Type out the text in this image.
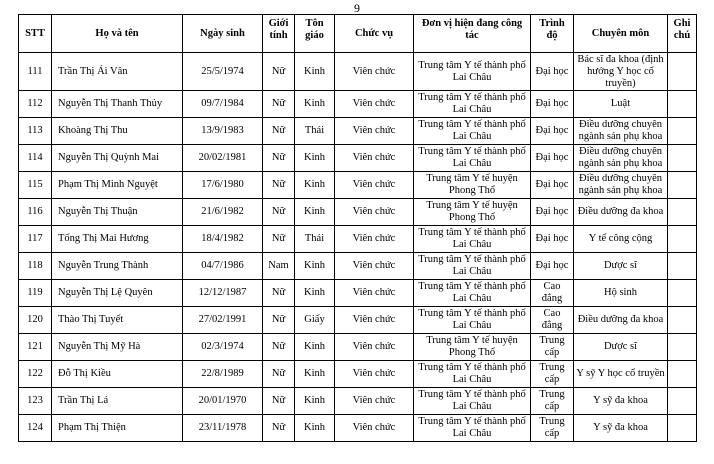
9
STT	Họ và tên	Ngày sinh	Giới tính	Tôn giáo	Chức vụ	Đơn vị hiện đang công tác	Trình độ	Chuyên môn	Ghi chú
111	Trần Thị Ái Vân	25/5/1974	Nữ	Kinh	Viên chức	Trung tâm Y tế thành phố Lai Châu	Đại học	Bác sĩ đa khoa (định hướng Y học cổ truyền)	
112	Nguyễn Thị Thanh Thủy	09/7/1984	Nữ	Kinh	Viên chức	Trung tâm Y tế thành phố Lai Châu	Đại học	Luật	
113	Khoàng Thị Thu	13/9/1983	Nữ	Thái	Viên chức	Trung tâm Y tế thành phố Lai Châu	Đại học	Điều dưỡng chuyên ngành sản phụ khoa	
114	Nguyễn Thị Quỳnh Mai	20/02/1981	Nữ	Kinh	Viên chức	Trung tâm Y tế thành phố Lai Châu	Đại học	Điều dưỡng chuyên ngành sản phụ khoa	
115	Phạm Thị Minh Nguyệt	17/6/1980	Nữ	Kinh	Viên chức	Trung tâm Y tế huyện Phong Thổ	Đại học	Điều dưỡng chuyên ngành sản phụ khoa	
116	Nguyễn Thị Thuận	21/6/1982	Nữ	Kinh	Viên chức	Trung tâm Y tế huyện Phong Thổ	Đại học	Điều dưỡng đa khoa	
117	Tống Thị Mai Hương	18/4/1982	Nữ	Thái	Viên chức	Trung tâm Y tế thành phố Lai Châu	Đại học	Y tế công cộng	
118	Nguyễn Trung Thành	04/7/1986	Nam	Kinh	Viên chức	Trung tâm Y tế thành phố Lai Châu	Đại học	Dược sĩ	
119	Nguyễn Thị Lệ Quyên	12/12/1987	Nữ	Kinh	Viên chức	Trung tâm Y tế thành phố Lai Châu	Cao đẳng	Hộ sinh	
120	Thào Thị Tuyết	27/02/1991	Nữ	Giấy	Viên chức	Trung tâm Y tế thành phố Lai Châu	Cao đẳng	Điều dưỡng đa khoa	
121	Nguyễn Thị Mỹ Hà	02/3/1974	Nữ	Kinh	Viên chức	Trung tâm Y tế huyện Phong Thổ	Trung cấp	Dược sĩ	
122	Đỗ Thị Kiều	22/8/1989	Nữ	Kinh	Viên chức	Trung tâm Y tế thành phố Lai Châu	Trung cấp	Y sỹ Y học cổ truyền	
123	Trần Thị Lá	20/01/1970	Nữ	Kinh	Viên chức	Trung tâm Y tế thành phố Lai Châu	Trung cấp	Y sỹ đa khoa	
124	Phạm Thị Thiện	23/11/1978	Nữ	Kinh	Viên chức	Trung tâm Y tế thành phố Lai Châu	Trung cấp	Y sỹ đa khoa	
